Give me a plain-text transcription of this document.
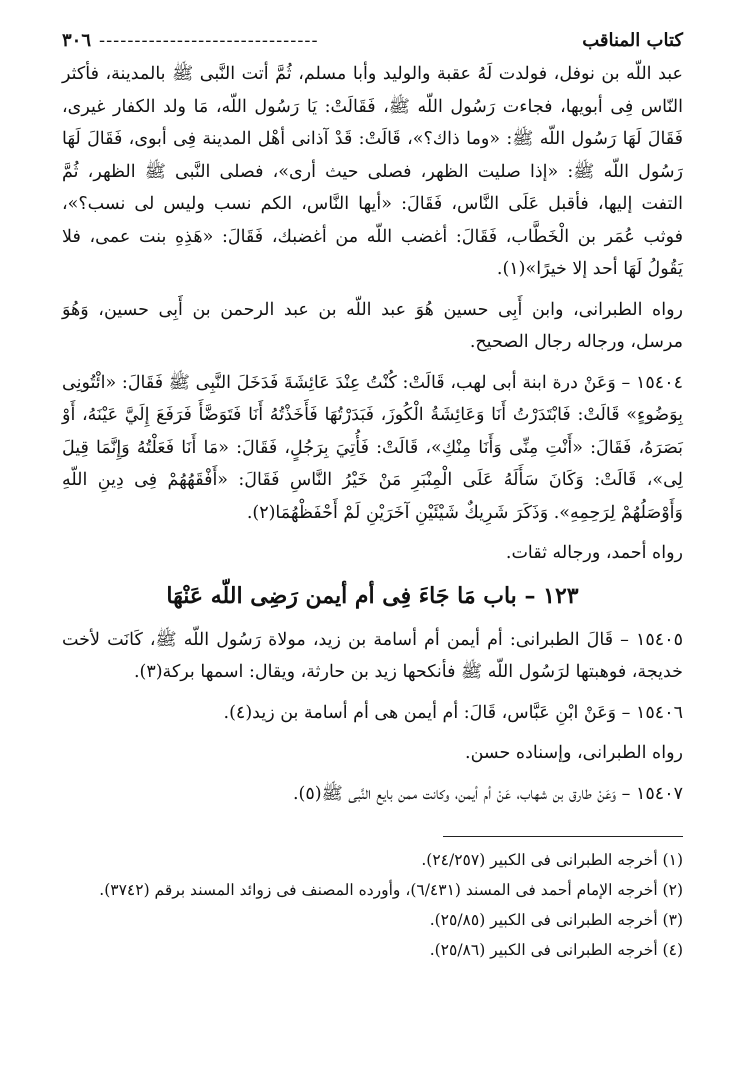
كتاب المناقب
-------------------------------
٣٠٦

عبد اللّه بن نوفل، فولدت لَهُ عقبة والوليد وأبا مسلم، ثُمَّ أتت النَّبى ﷺ بالمدينة، فأكثر النّاس فِى أبويها، فجاءت رَسُول اللّه ﷺ، فَقَالَتْ: يَا رَسُول اللّه، مَا ولد الكفار غيرى، فَقَالَ لَهَا رَسُول اللّه ﷺ: «وما ذاك؟»، قَالَتْ: قَدْ آذانى أهْل المدينة فِى أبوى، فَقَالَ لَهَا رَسُول اللّه ﷺ: «إذا صليت الظهر، فصلى حيث أرى»، فصلى النَّبى ﷺ الظهر، ثُمَّ التفت إليها، فأقبل عَلَى النَّاس، فَقَالَ: «أيها النَّاس، الكم نسب وليس لى نسب؟»، فوثب عُمَر بن الْخَطَّاب، فَقَالَ: أغضب اللّه من أغضبك، فَقَالَ: «هَذِهِ بنت عمى، فلا يَقُولُ لَهَا أحد إلا خيرًا»(١).

رواه الطبرانى، وابن أَبِى حسين هُوَ عبد اللّه بن عبد الرحمن بن أَبِى حسين، وَهُوَ مرسل، ورجاله رجال الصحيح.

١٥٤٠٤ – وَعَنْ درة ابنة أبى لهب، قَالَتْ: كُنْتُ عِنْدَ عَائِشَةَ فَدَخَلَ النَّبِى ﷺ فَقَالَ: «ائْتُونِى بِوَضُوءٍ» قَالَتْ: فَابْتَدَرْتُ أَنَا وَعَائِشَةُ الْكُوزَ، فَبَدَرْتُهَا فَأَخَذْتُهُ أَنَا فَتَوَضَّأَ فَرَفَعَ إِلَيَّ عَيْنَهُ، أَوْ بَصَرَهُ، فَقَالَ: «أَنْتِ مِنِّى وَأَنَا مِنْكِ»، قَالَتْ: فَأُتِيَ بِرَجُلٍ، فَقَالَ: «مَا أَنَا فَعَلْتُهُ وَإِنَّمَا قِيلَ لِى»، قَالَتْ: وَكَانَ سَأَلَهُ عَلَى الْمِنْبَرِ مَنْ خَيْرُ النَّاسِ فَقَالَ: «أَفْقَهُهُمْ فِى دِينِ اللّهِ وَأَوْصَلُهُمْ لِرَحِمِهِ». وَذَكَرَ شَرِيكٌ شَيْئَيْنِ آخَرَيْنِ لَمْ أَحْفَظْهُمَا(٢).

رواه أحمد، ورجاله ثقات.

١٢٣ – باب مَا جَاءَ فِى أم أيمن رَضِى اللّه عَنْهَا

١٥٤٠٥ – قَالَ الطبرانى: أم أيمن أم أسامة بن زيد، مولاة رَسُول اللّه ﷺ، كَانَت لأخت خديجة، فوهبتها لرَسُول اللّه ﷺ فأنكحها زيد بن حارثة، ويقال: اسمها بركة(٣).

١٥٤٠٦ – وَعَنْ ابْنِ عَبَّاس، قَالَ: أم أيمن هى أم أسامة بن زيد(٤).

رواه الطبرانى، وإسناده حسن.

١٥٤٠٧ – وَعَنْ طارق بن شهاب، عَنْ أم أيمن، وكانت ممن بايع النَّبى ﷺ(٥).

(١) أخرجه الطبرانى فى الكبير (٢٤/٢٥٧).

(٢) أخرجه الإمام أحمد فى المسند (٦/٤٣١)، وأورده المصنف فى زوائد المسند برقم (٣٧٤٢).

(٣) أخرجه الطبرانى فى الكبير (٢٥/٨٥).

(٤) أخرجه الطبرانى فى الكبير (٢٥/٨٦).
